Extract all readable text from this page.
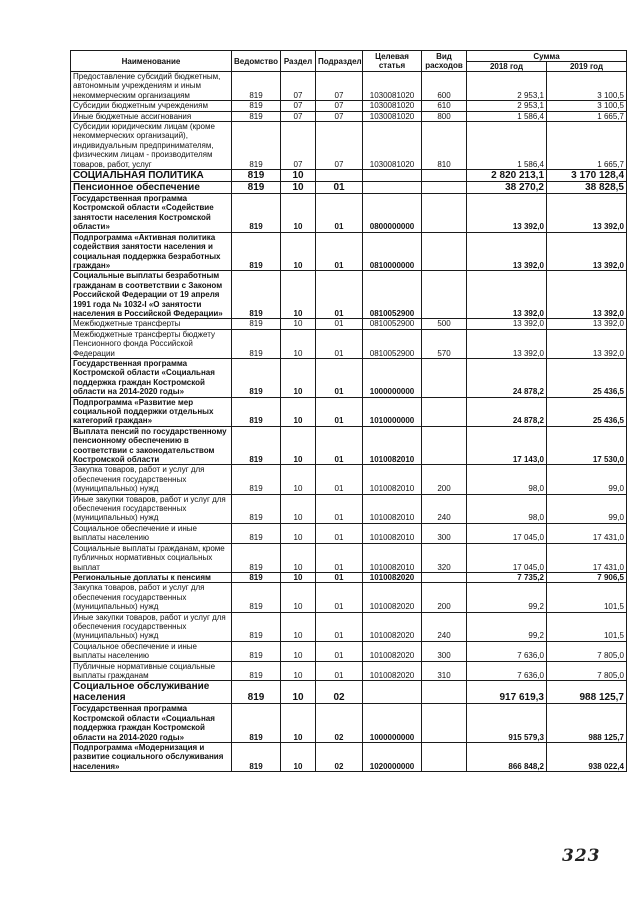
Наименование	Ведомство	Раздел	Подраздел	Целевая статья	Вид расходов	Сумма	
						2018 год	2019 год
Предоставление субсидий бюджетным, автономным учреждениям и иным некоммерческим организациям	819	07	07	1030081020	600	2 953,1	3 100,5
Субсидии бюджетным учреждениям	819	07	07	1030081020	610	2 953,1	3 100,5
Иные бюджетные ассигнования	819	07	07	1030081020	800	1 586,4	1 665,7
Субсидии юридическим лицам (кроме некоммерческих организаций), индивидуальным предпринимателям, физическим лицам - производителям товаров, работ, услуг	819	07	07	1030081020	810	1 586,4	1 665,7
СОЦИАЛЬНАЯ ПОЛИТИКА	819	10				2 820 213,1	3 170 128,4
Пенсионное обеспечение	819	10	01			38 270,2	38 828,5
Государственная программа Костромской области «Содействие занятости населения Костромской области»	819	10	01	0800000000		13 392,0	13 392,0
Подпрограмма «Активная политика содействия занятости населения и социальная поддержка безработных граждан»	819	10	01	0810000000		13 392,0	13 392,0
Социальные выплаты безработным гражданам в соответствии с Законом Российской Федерации от 19 апреля 1991 года № 1032-I «О занятости населения в Российской Федерации»	819	10	01	0810052900		13 392,0	13 392,0
Межбюджетные трансферты	819	10	01	0810052900	500	13 392,0	13 392,0
Межбюджетные трансферты бюджету Пенсионного фонда Российской Федерации	819	10	01	0810052900	570	13 392,0	13 392,0
Государственная программа Костромской области «Социальная поддержка граждан Костромской области на 2014-2020 годы»	819	10	01	1000000000		24 878,2	25 436,5
Подпрограмма «Развитие мер социальной поддержки отдельных категорий граждан»	819	10	01	1010000000		24 878,2	25 436,5
Выплата пенсий по государственному пенсионному обеспечению в соответствии с законодательством Костромской области	819	10	01	1010082010		17 143,0	17 530,0
Закупка товаров, работ и услуг для обеспечения государственных (муниципальных) нужд	819	10	01	1010082010	200	98,0	99,0
Иные закупки товаров, работ и услуг для обеспечения государственных (муниципальных) нужд	819	10	01	1010082010	240	98,0	99,0
Социальное обеспечение и иные выплаты населению	819	10	01	1010082010	300	17 045,0	17 431,0
Социальные выплаты гражданам, кроме публичных нормативных социальных выплат	819	10	01	1010082010	320	17 045,0	17 431,0
Региональные доплаты к пенсиям	819	10	01	1010082020		7 735,2	7 906,5
Закупка товаров, работ и услуг для обеспечения государственных (муниципальных) нужд	819	10	01	1010082020	200	99,2	101,5
Иные закупки товаров, работ и услуг для обеспечения государственных (муниципальных) нужд	819	10	01	1010082020	240	99,2	101,5
Социальное обеспечение и иные выплаты населению	819	10	01	1010082020	300	7 636,0	7 805,0
Публичные нормативные социальные выплаты гражданам	819	10	01	1010082020	310	7 636,0	7 805,0
Социальное обслуживание населения	819	10	02			917 619,3	988 125,7
Государственная программа Костромской области «Социальная поддержка граждан Костромской области на 2014-2020 годы»	819	10	02	1000000000		915 579,3	988 125,7
Подпрограмма «Модернизация и развитие социального обслуживания населения»	819	10	02	1020000000		866 848,2	938 022,4
323
